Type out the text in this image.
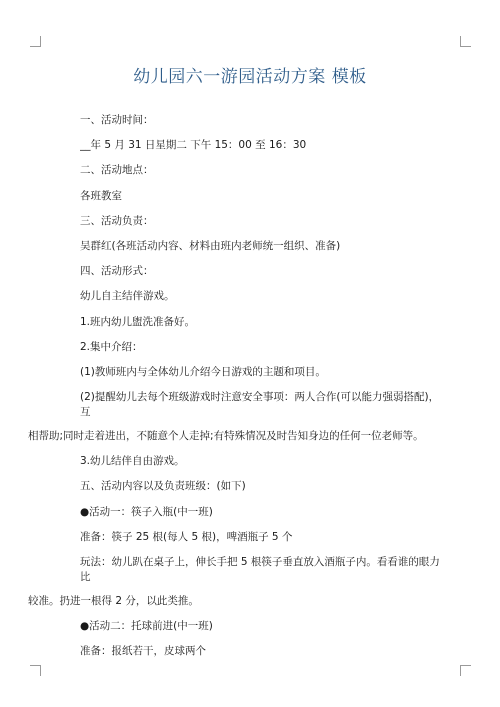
幼儿园六一游园活动方案 模板

一、活动时间：

__年 5 月 31 日星期二 下午 15：00 至 16：30

二、活动地点：

各班教室

三、活动负责：

吴群红(各班活动内容、材料由班内老师统一组织、准备)

四、活动形式：

幼儿自主结伴游戏。

1.班内幼儿盥洗准备好。

2.集中介绍：

(1)教师班内与全体幼儿介绍今日游戏的主题和项目。

(2)提醒幼儿去每个班级游戏时注意安全事项：两人合作(可以能力强弱搭配)，互
相帮助;同时走着进出，不随意个人走掉;有特殊情况及时告知身边的任何一位老师等。

3.幼儿结伴自由游戏。

五、活动内容以及负责班级：(如下)

●活动一：筷子入瓶(中一班)

准备：筷子 25 根(每人 5 根)，啤酒瓶子 5 个

玩法：幼儿趴在桌子上，伸长手把 5 根筷子垂直放入酒瓶子内。看看谁的眼力比
较准。扔进一根得 2 分，以此类推。

●活动二：托球前进(中一班)

准备：报纸若干，皮球两个
